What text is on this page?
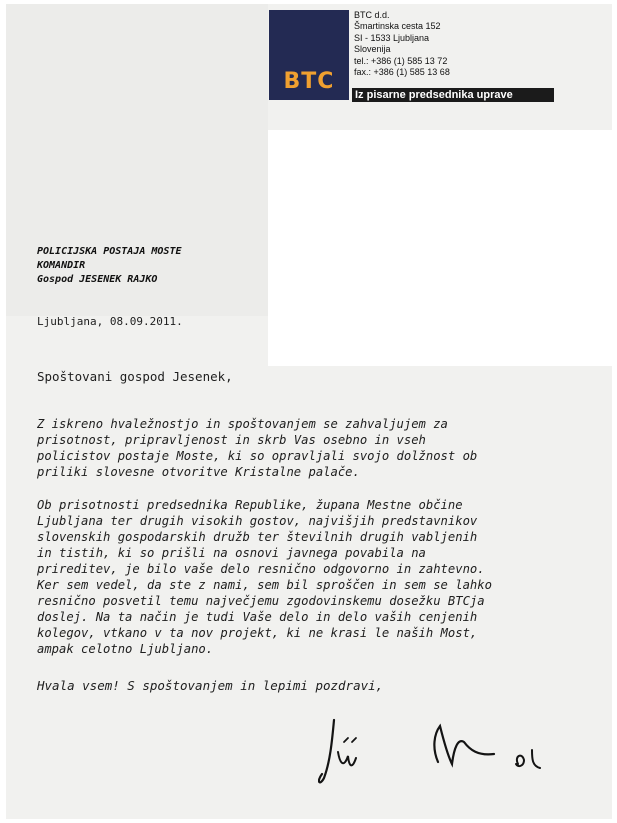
BTC
BTC d.d.
Šmartinska cesta 152
SI - 1533 Ljubljana
Slovenija
tel.: +386 (1) 585 13 72
fax.: +386 (1) 585 13 68
Iz pisarne predsednika uprave
POLICIJSKA POSTAJA MOSTE
KOMANDIR
Gospod JESENEK RAJKO
Ljubljana, 08.09.2011.
Spoštovani gospod Jesenek,
Z iskreno hvaležnostjo in spoštovanjem se zahvaljujem za
prisotnost, pripravljenost in skrb Vas osebno in vseh
policistov postaje Moste, ki so opravljali svojo dolžnost ob
priliki slovesne otvoritve Kristalne palače.
Ob prisotnosti predsednika Republike, župana Mestne občine
Ljubljana ter drugih visokih gostov, najvišjih predstavnikov
slovenskih gospodarskih družb ter številnih drugih vabljenih
in tistih, ki so prišli na osnovi javnega povabila na
prireditev, je bilo vaše delo resnično odgovorno in zahtevno.
Ker sem vedel, da ste z nami, sem bil sproščen in sem se lahko
resnično posvetil temu največjemu zgodovinskemu dosežku BTCja
doslej. Na ta način je tudi Vaše delo in delo vaših cenjenih
kolegov, vtkano v ta nov projekt, ki ne krasi le naših Most,
ampak celotno Ljubljano.
Hvala vsem! S spoštovanjem in lepimi pozdravi,
